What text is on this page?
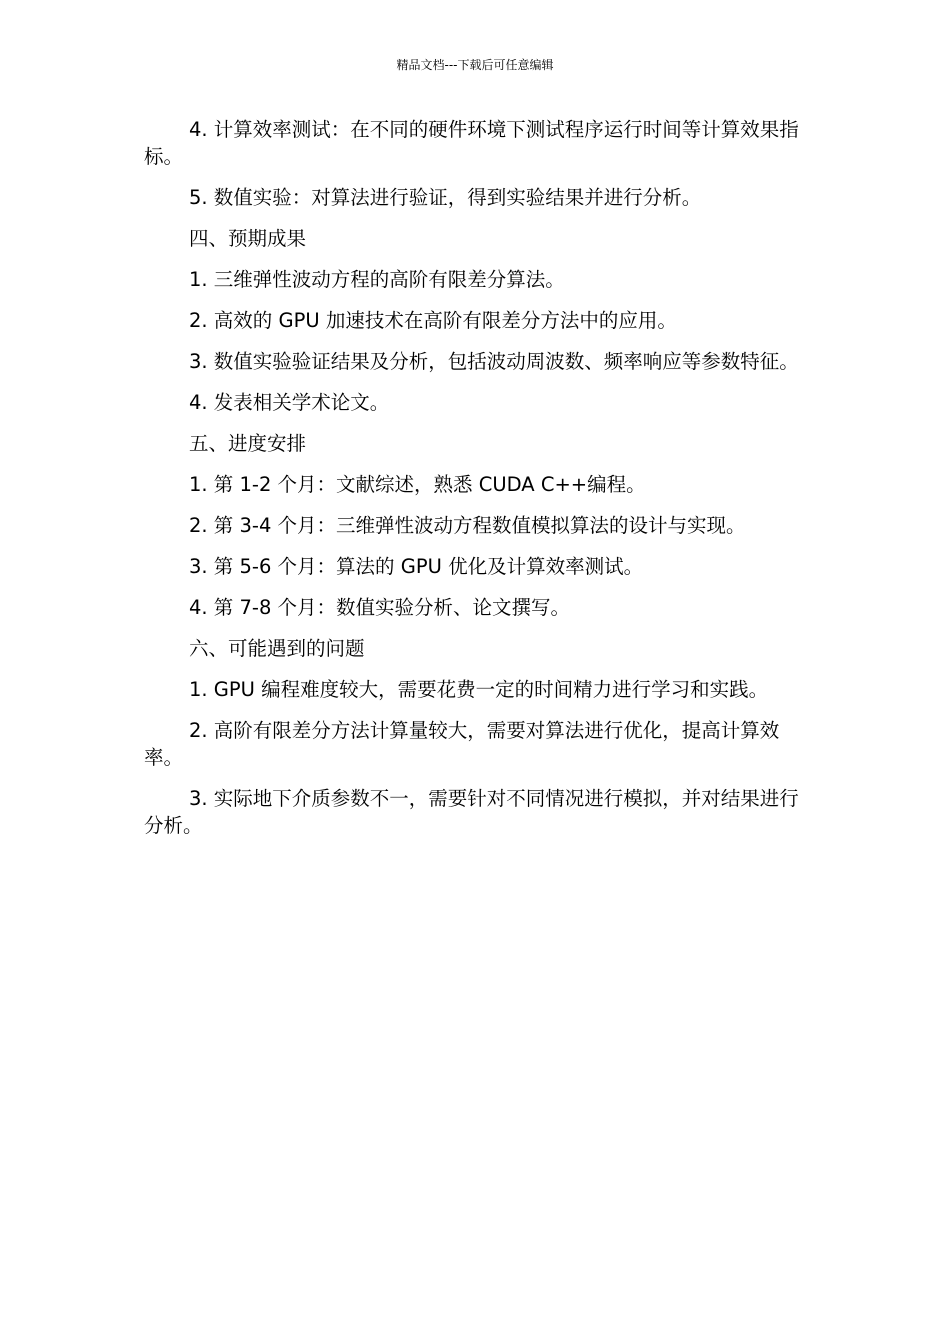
精品文档---下载后可任意编辑

4. 计算效率测试：在不同的硬件环境下测试程序运行时间等计算效果指标。

5. 数值实验：对算法进行验证，得到实验结果并进行分析。

四、预期成果

1. 三维弹性波动方程的高阶有限差分算法。

2. 高效的 GPU 加速技术在高阶有限差分方法中的应用。

3. 数值实验验证结果及分析，包括波动周波数、频率响应等参数特征。

4. 发表相关学术论文。

五、进度安排

1. 第 1-2 个月：文献综述，熟悉 CUDA C++编程。

2. 第 3-4 个月：三维弹性波动方程数值模拟算法的设计与实现。

3. 第 5-6 个月：算法的 GPU 优化及计算效率测试。

4. 第 7-8 个月：数值实验分析、论文撰写。

六、可能遇到的问题

1. GPU 编程难度较大，需要花费一定的时间精力进行学习和实践。

2. 高阶有限差分方法计算量较大，需要对算法进行优化，提高计算效率。

3. 实际地下介质参数不一，需要针对不同情况进行模拟，并对结果进行分析。
